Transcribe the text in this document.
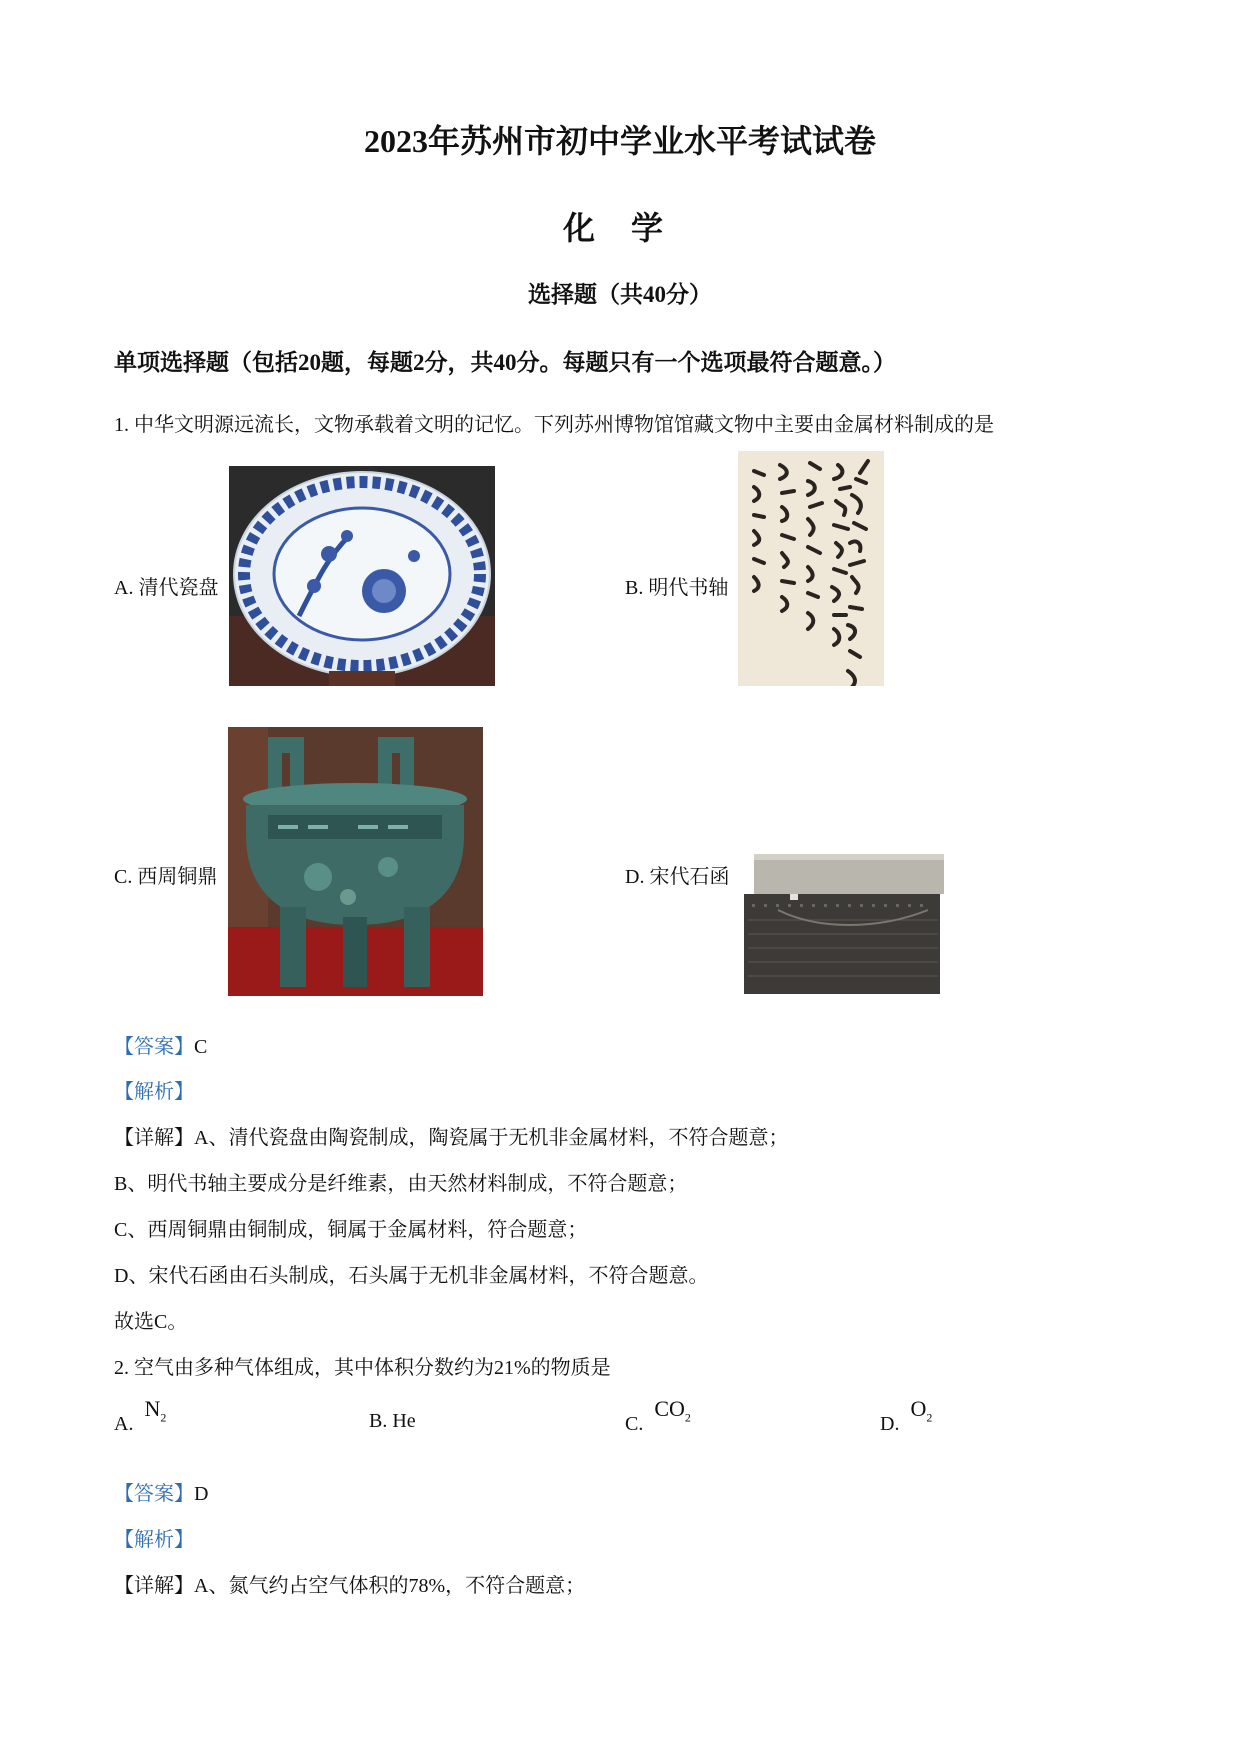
2023年苏州市初中学业水平考试试卷
化 学
选择题（共40分）
单项选择题（包括20题，每题2分，共40分。每题只有一个选项最符合题意。）
1. 中华文明源远流长，文物承载着文明的记忆。下列苏州博物馆馆藏文物中主要由金属材料制成的是
A. 清代瓷盘	B. 明代书轴
C. 西周铜鼎	D. 宋代石函
【答案】C
【解析】
【详解】A、清代瓷盘由陶瓷制成，陶瓷属于无机非金属材料，不符合题意；
B、明代书轴主要成分是纤维素，由天然材料制成，不符合题意；
C、西周铜鼎由铜制成，铜属于金属材料，符合题意；
D、宋代石函由石头制成，石头属于无机非金属材料，不符合题意。
故选C。
2. 空气由多种气体组成，其中体积分数约为21%的物质是
A. $N_2$	B. He	C. $CO_2$	D. $O_2$
【答案】D
【解析】
【详解】A、氮气约占空气体积的78%，不符合题意；
